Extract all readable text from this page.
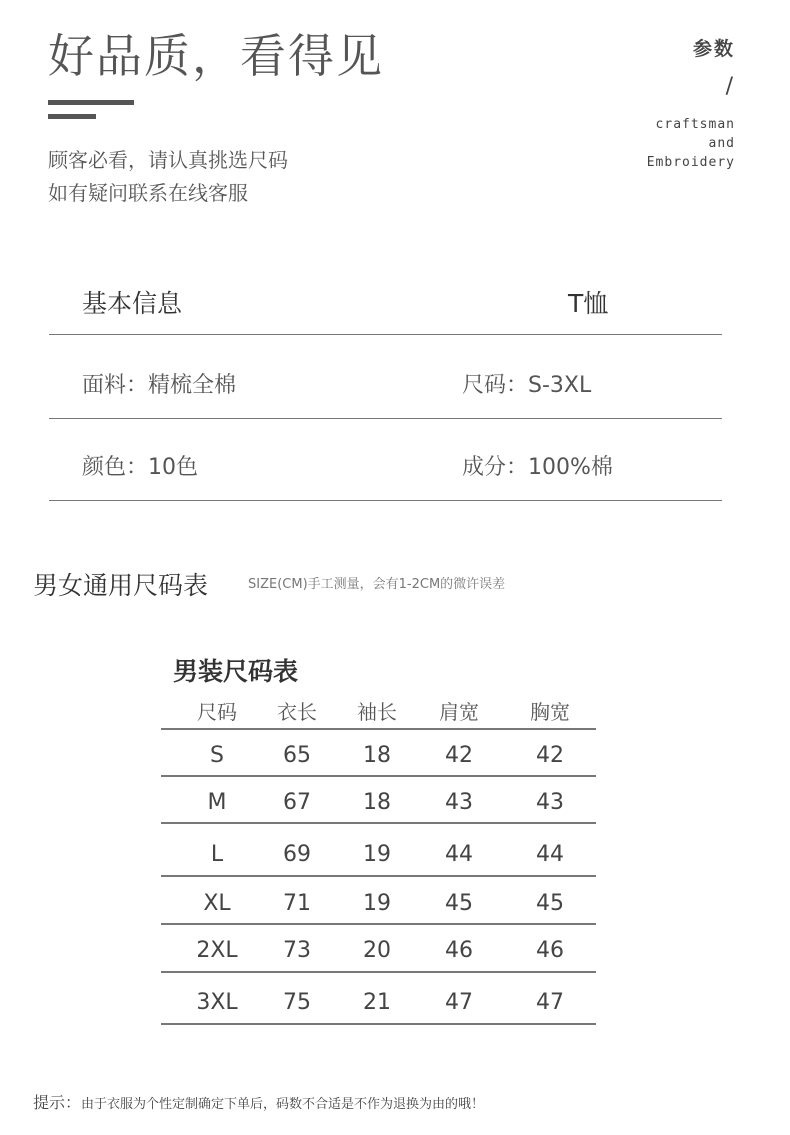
好品质，看得见
顾客必看，请认真挑选尺码
如有疑问联系在线客服
参数
/
craftsman
and
Embroidery
基本信息	T恤
面料：精梳全棉	尺码：S-3XL
颜色：10色	成分：100%棉
男女通用尺码表	SIZE(CM)手工测量，会有1-2CM的微许误差
男装尺码表
尺码	衣长	袖长	肩宽	胸宽
S	65	18	42	42
M	67	18	43	43
L	69	19	44	44
XL	71	19	45	45
2XL	73	20	46	46
3XL	75	21	47	47
提示：由于衣服为个性定制确定下单后，码数不合适是不作为退换为由的哦！
